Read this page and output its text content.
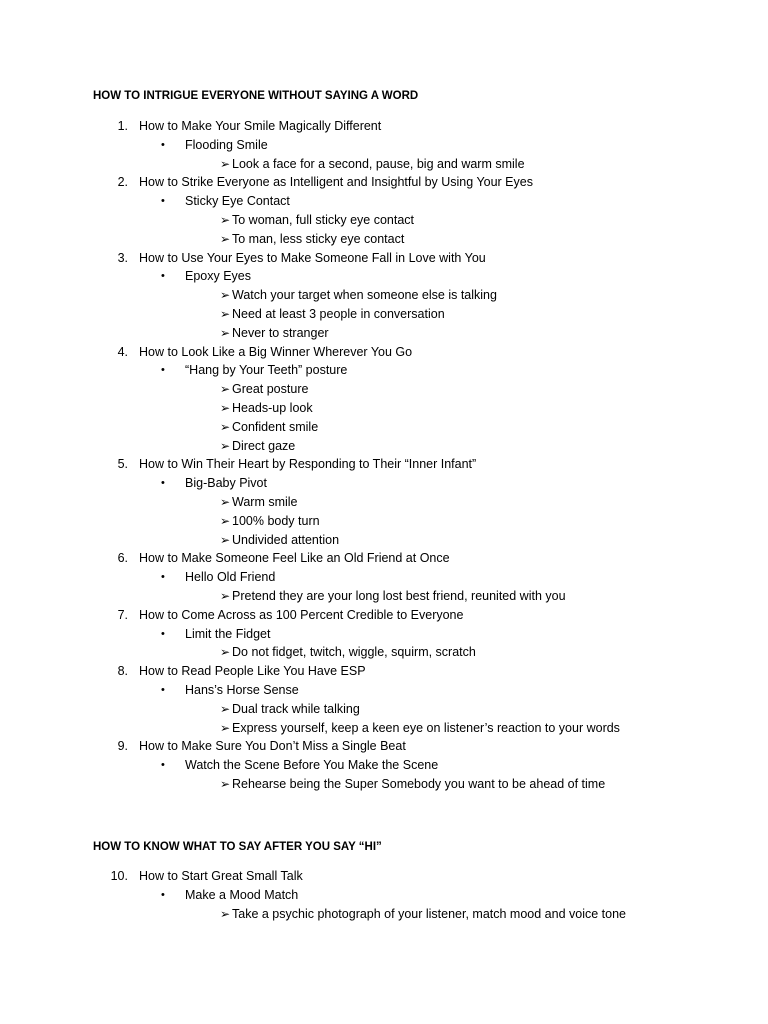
HOW TO INTRIGUE EVERYONE WITHOUT SAYING A WORD
1. How to Make Your Smile Magically Different
• Flooding Smile
➢ Look a face for a second, pause, big and warm smile
2. How to Strike Everyone as Intelligent and Insightful by Using Your Eyes
• Sticky Eye Contact
➢ To woman, full sticky eye contact
➢ To man, less sticky eye contact
3. How to Use Your Eyes to Make Someone Fall in Love with You
• Epoxy Eyes
➢ Watch your target when someone else is talking
➢ Need at least 3 people in conversation
➢ Never to stranger
4. How to Look Like a Big Winner Wherever You Go
• “Hang by Your Teeth” posture
➢ Great posture
➢ Heads-up look
➢ Confident smile
➢ Direct gaze
5. How to Win Their Heart by Responding to Their “Inner Infant”
• Big-Baby Pivot
➢ Warm smile
➢ 100% body turn
➢ Undivided attention
6. How to Make Someone Feel Like an Old Friend at Once
• Hello Old Friend
➢ Pretend they are your long lost best friend, reunited with you
7. How to Come Across as 100 Percent Credible to Everyone
• Limit the Fidget
➢ Do not fidget, twitch, wiggle, squirm, scratch
8. How to Read People Like You Have ESP
• Hans’s Horse Sense
➢ Dual track while talking
➢ Express yourself, keep a keen eye on listener’s reaction to your words
9. How to Make Sure You Don’t Miss a Single Beat
• Watch the Scene Before You Make the Scene
➢ Rehearse being the Super Somebody you want to be ahead of time
HOW TO KNOW WHAT TO SAY AFTER YOU SAY “HI”
10. How to Start Great Small Talk
• Make a Mood Match
➢ Take a psychic photograph of your listener, match mood and voice tone
